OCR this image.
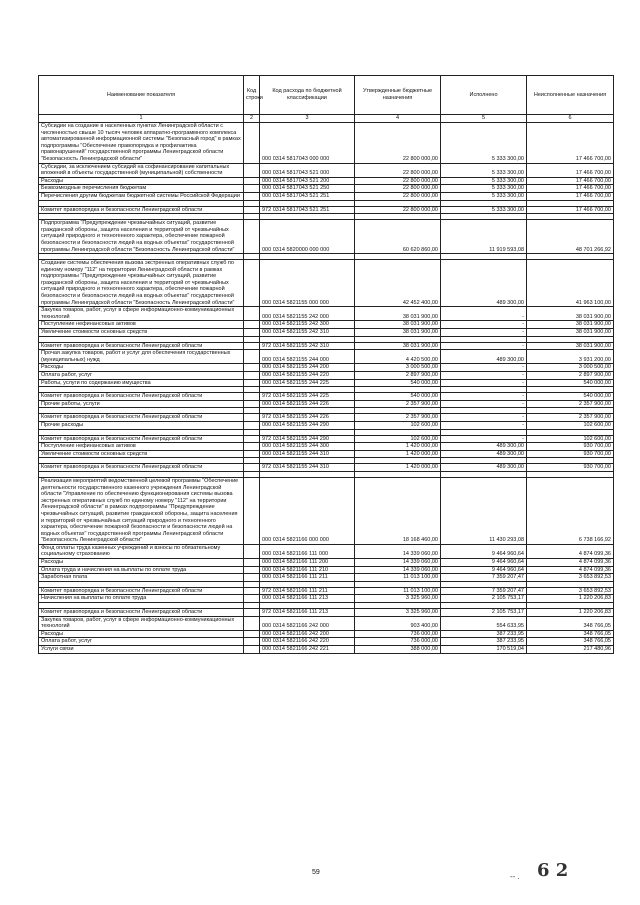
Наименование показателя	Код строки	Код расхода по бюджетной классификации	Утвержденные бюджетные назначения	Исполнено	Неисполненные назначения
1	2	3	4	5	6
Субсидии на создание в населенных пунктах Ленинградской области с численностью свыше 10 тысяч человек аппаратно-программного комплекса автоматизированной информационной системы "Безопасный город" в рамках подпрограммы "Обеспечение правопорядка и профилактика правонарушений" государственной программы Ленинградской области "Безопасность Ленинградской области"		000 0314 5817043 000 000	22 800 000,00	5 333 300,00	17 466 700,00
Субсидии, за исключением субсидий на софинансирование капитальных вложений в объекты государственной (муниципальной) собственности		000 0314 5817043 521 000	22 800 000,00	5 333 300,00	17 466 700,00
Расходы		000 0314 5817043 521 200	22 800 000,00	5 333 300,00	17 466 700,00
Безвозмездные перечисления бюджетам		000 0314 5817043 521 250	22 800 000,00	5 333 300,00	17 466 700,00
Перечисления другим бюджетам бюджетной системы Российской Федерации		000 0314 5817043 521 251	22 800 000,00	5 333 300,00	17 466 700,00

Комитет правопорядка и безопасности Ленинградской области		972 0314 5817043 521 251	22 800 000,00	5 333 300,00	17 466 700,00

Подпрограмма "Предупреждение чрезвычайных ситуаций, развитие гражданской обороны, защита населения и территорий от чрезвычайных ситуаций природного и техногенного характера, обеспечение пожарной безопасности и безопасности людей на водных объектах" государственной программы Ленинградской области "Безопасность Ленинградской области"		000 0314 5820000 000 000	60 620 860,00	11 919 593,08	48 701 266,92

Создание системы обеспечения вызова экстренных оперативных служб по единому номеру "112" на территории Ленинградской области в рамках подпрограммы "Предупреждение чрезвычайных ситуаций, развитие гражданской обороны, защита населения и территорий от чрезвычайных ситуаций природного и техногенного характера, обеспечение пожарной безопасности и безопасности людей на водных объектах" государственной программы Ленинградской области "Безопасность Ленинградской области"		000 0314 5821155 000 000	42 452 400,00	489 300,00	41 963 100,00
Закупка товаров, работ, услуг в сфере информационно-коммуникационных технологий		000 0314 5821155 242 000	38 031 900,00	-	38 031 900,00
Поступление нефинансовых активов		000 0314 5821155 242 300	38 031 900,00	-	38 031 900,00
Увеличение стоимости основных средств		000 0314 5821155 242 310	38 031 900,00	-	38 031 900,00

Комитет правопорядка и безопасности Ленинградской области		972 0314 5821155 242 310	38 031 900,00	-	38 031 900,00
Прочая закупка товаров, работ и услуг для обеспечения государственных (муниципальных) нужд		000 0314 5821155 244 000	4 420 500,00	489 300,00	3 931 200,00
Расходы		000 0314 5821155 244 200	3 000 500,00	-	3 000 500,00
Оплата работ, услуг		000 0314 5821155 244 220	2 897 900,00	-	2 897 900,00
Работы, услуги по содержанию имущества		000 0314 5821155 244 225	540 000,00	-	540 000,00

Комитет правопорядка и безопасности Ленинградской области		972 0314 5821155 244 225	540 000,00	-	540 000,00
Прочие работы, услуги		000 0314 5821155 244 226	2 357 900,00	-	2 357 900,00

Комитет правопорядка и безопасности Ленинградской области		972 0314 5821155 244 226	2 357 900,00	-	2 357 900,00
Прочие расходы		000 0314 5821155 244 290	102 600,00	-	102 600,00

Комитет правопорядка и безопасности Ленинградской области		972 0314 5821155 244 290	102 600,00	-	102 600,00
Поступление нефинансовых активов		000 0314 5821155 244 300	1 420 000,00	489 300,00	930 700,00
Увеличение стоимости основных средств		000 0314 5821155 244 310	1 420 000,00	489 300,00	930 700,00

Комитет правопорядка и безопасности Ленинградской области		972 0314 5821155 244 310	1 420 000,00	489 300,00	930 700,00

Реализация мероприятий ведомственной целевой программы "Обеспечение деятельности государственного казенного учреждения Ленинградской области "Управление по обеспечению функционирования системы вызова экстренных оперативных служб по единому номеру "112" на территории Ленинградской области" в рамках подпрограммы "Предупреждение чрезвычайных ситуаций, развитие гражданской обороны, защита населения и территорий от чрезвычайных ситуаций природного и техногенного характера, обеспечение пожарной безопасности и безопасности людей на водных объектах" государственной программы Ленинградской области "Безопасность Ленинградской области"		000 0314 5821166 000 000	18 168 460,00	11 430 293,08	6 738 166,92
Фонд оплаты труда казенных учреждений и взносы по обязательному социальному страхованию		000 0314 5821166 111 000	14 339 060,00	9 464 960,64	4 874 099,36
Расходы		000 0314 5821166 111 200	14 339 060,00	9 464 960,64	4 874 099,36
Оплата труда и начисления на выплаты по оплате труда		000 0314 5821166 111 210	14 339 060,00	9 464 960,64	4 874 099,36
Заработная плата		000 0314 5821166 111 211	11 013 100,00	7 359 207,47	3 653 892,53

Комитет правопорядка и безопасности Ленинградской области		972 0314 5821166 111 211	11 013 100,00	7 359 207,47	3 653 892,53
Начисления на выплаты по оплате труда		000 0314 5821166 111 213	3 325 960,00	2 105 753,17	1 220 206,83

Комитет правопорядка и безопасности Ленинградской области		972 0314 5821166 111 213	3 325 960,00	2 105 753,17	1 220 206,83
Закупка товаров, работ, услуг в сфере информационно-коммуникационных технологий		000 0314 5821166 242 000	903 400,00	554 633,95	348 766,05
Расходы		000 0314 5821166 242 200	736 000,00	387 233,95	348 766,05
Оплата работ, услуг		000 0314 5821166 242 220	736 000,00	387 233,95	348 766,05
Услуги связи		000 0314 5821166 242 221	388 000,00	170 519,04	217 480,96
59	-- . 6 2
